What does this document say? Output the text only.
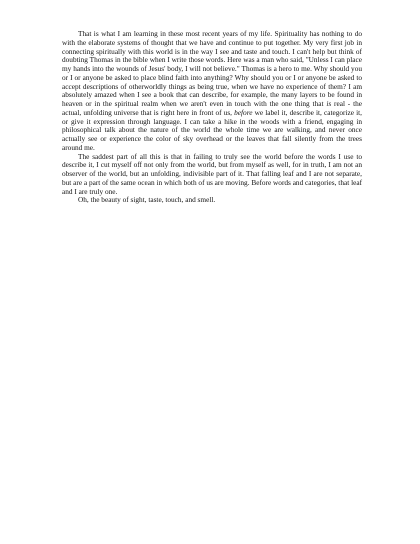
That is what I am learning in these most recent years of my life. Spirituality has nothing to do with the elaborate systems of thought that we have and continue to put together. My very first job in connecting spiritually with this world is in the way I see and taste and touch. I can't help but think of doubting Thomas in the bible when I write those words. Here was a man who said, "Unless I can place my hands into the wounds of Jesus' body, I will not believe." Thomas is a hero to me. Why should you or I or anyone be asked to place blind faith into anything? Why should you or I or anyone be asked to accept descriptions of otherworldly things as being true, when we have no experience of them? I am absolutely amazed when I see a book that can describe, for example, the many layers to be found in heaven or in the spiritual realm when we aren't even in touch with the one thing that is real - the actual, unfolding universe that is right here in front of us, before we label it, describe it, categorize it, or give it expression through language. I can take a hike in the woods with a friend, engaging in philosophical talk about the nature of the world the whole time we are walking, and never once actually see or experience the color of sky overhead or the leaves that fall silently from the trees around me.

The saddest part of all this is that in failing to truly see the world before the words I use to describe it, I cut myself off not only from the world, but from myself as well, for in truth, I am not an observer of the world, but an unfolding, indivisible part of it. That falling leaf and I are not separate, but are a part of the same ocean in which both of us are moving. Before words and categories, that leaf and I are truly one.

Oh, the beauty of sight, taste, touch, and smell.
